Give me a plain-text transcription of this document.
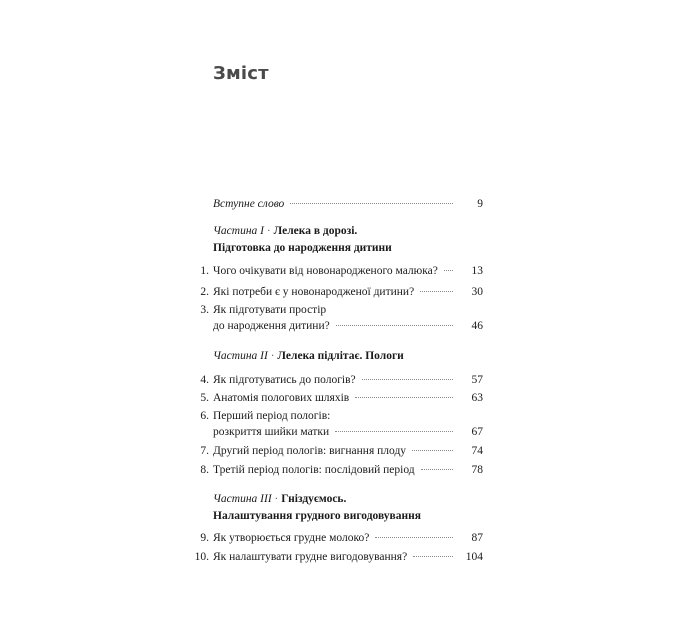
Зміст
Вступне слово	9
Частина I · Лелека в дорозі.
Підготовка до народження дитини
1. Чого очікувати від новонародженого малюка?	13
2. Які потреби є у новонародженої дитини?	30
3. Як підготувати простір
до народження дитини?	46
Частина II · Лелека підлітає. Пологи
4. Як підготуватись до пологів?	57
5. Анатомія пологових шляхів	63
6. Перший період пологів:
розкриття шийки матки	67
7. Другий період пологів: вигнання плоду	74
8. Третій період пологів: послідовий період	78
Частина III · Гніздуємось.
Налаштування грудного вигодовування
9. Як утворюється грудне молоко?	87
10. Як налаштувати грудне вигодовування?	104
